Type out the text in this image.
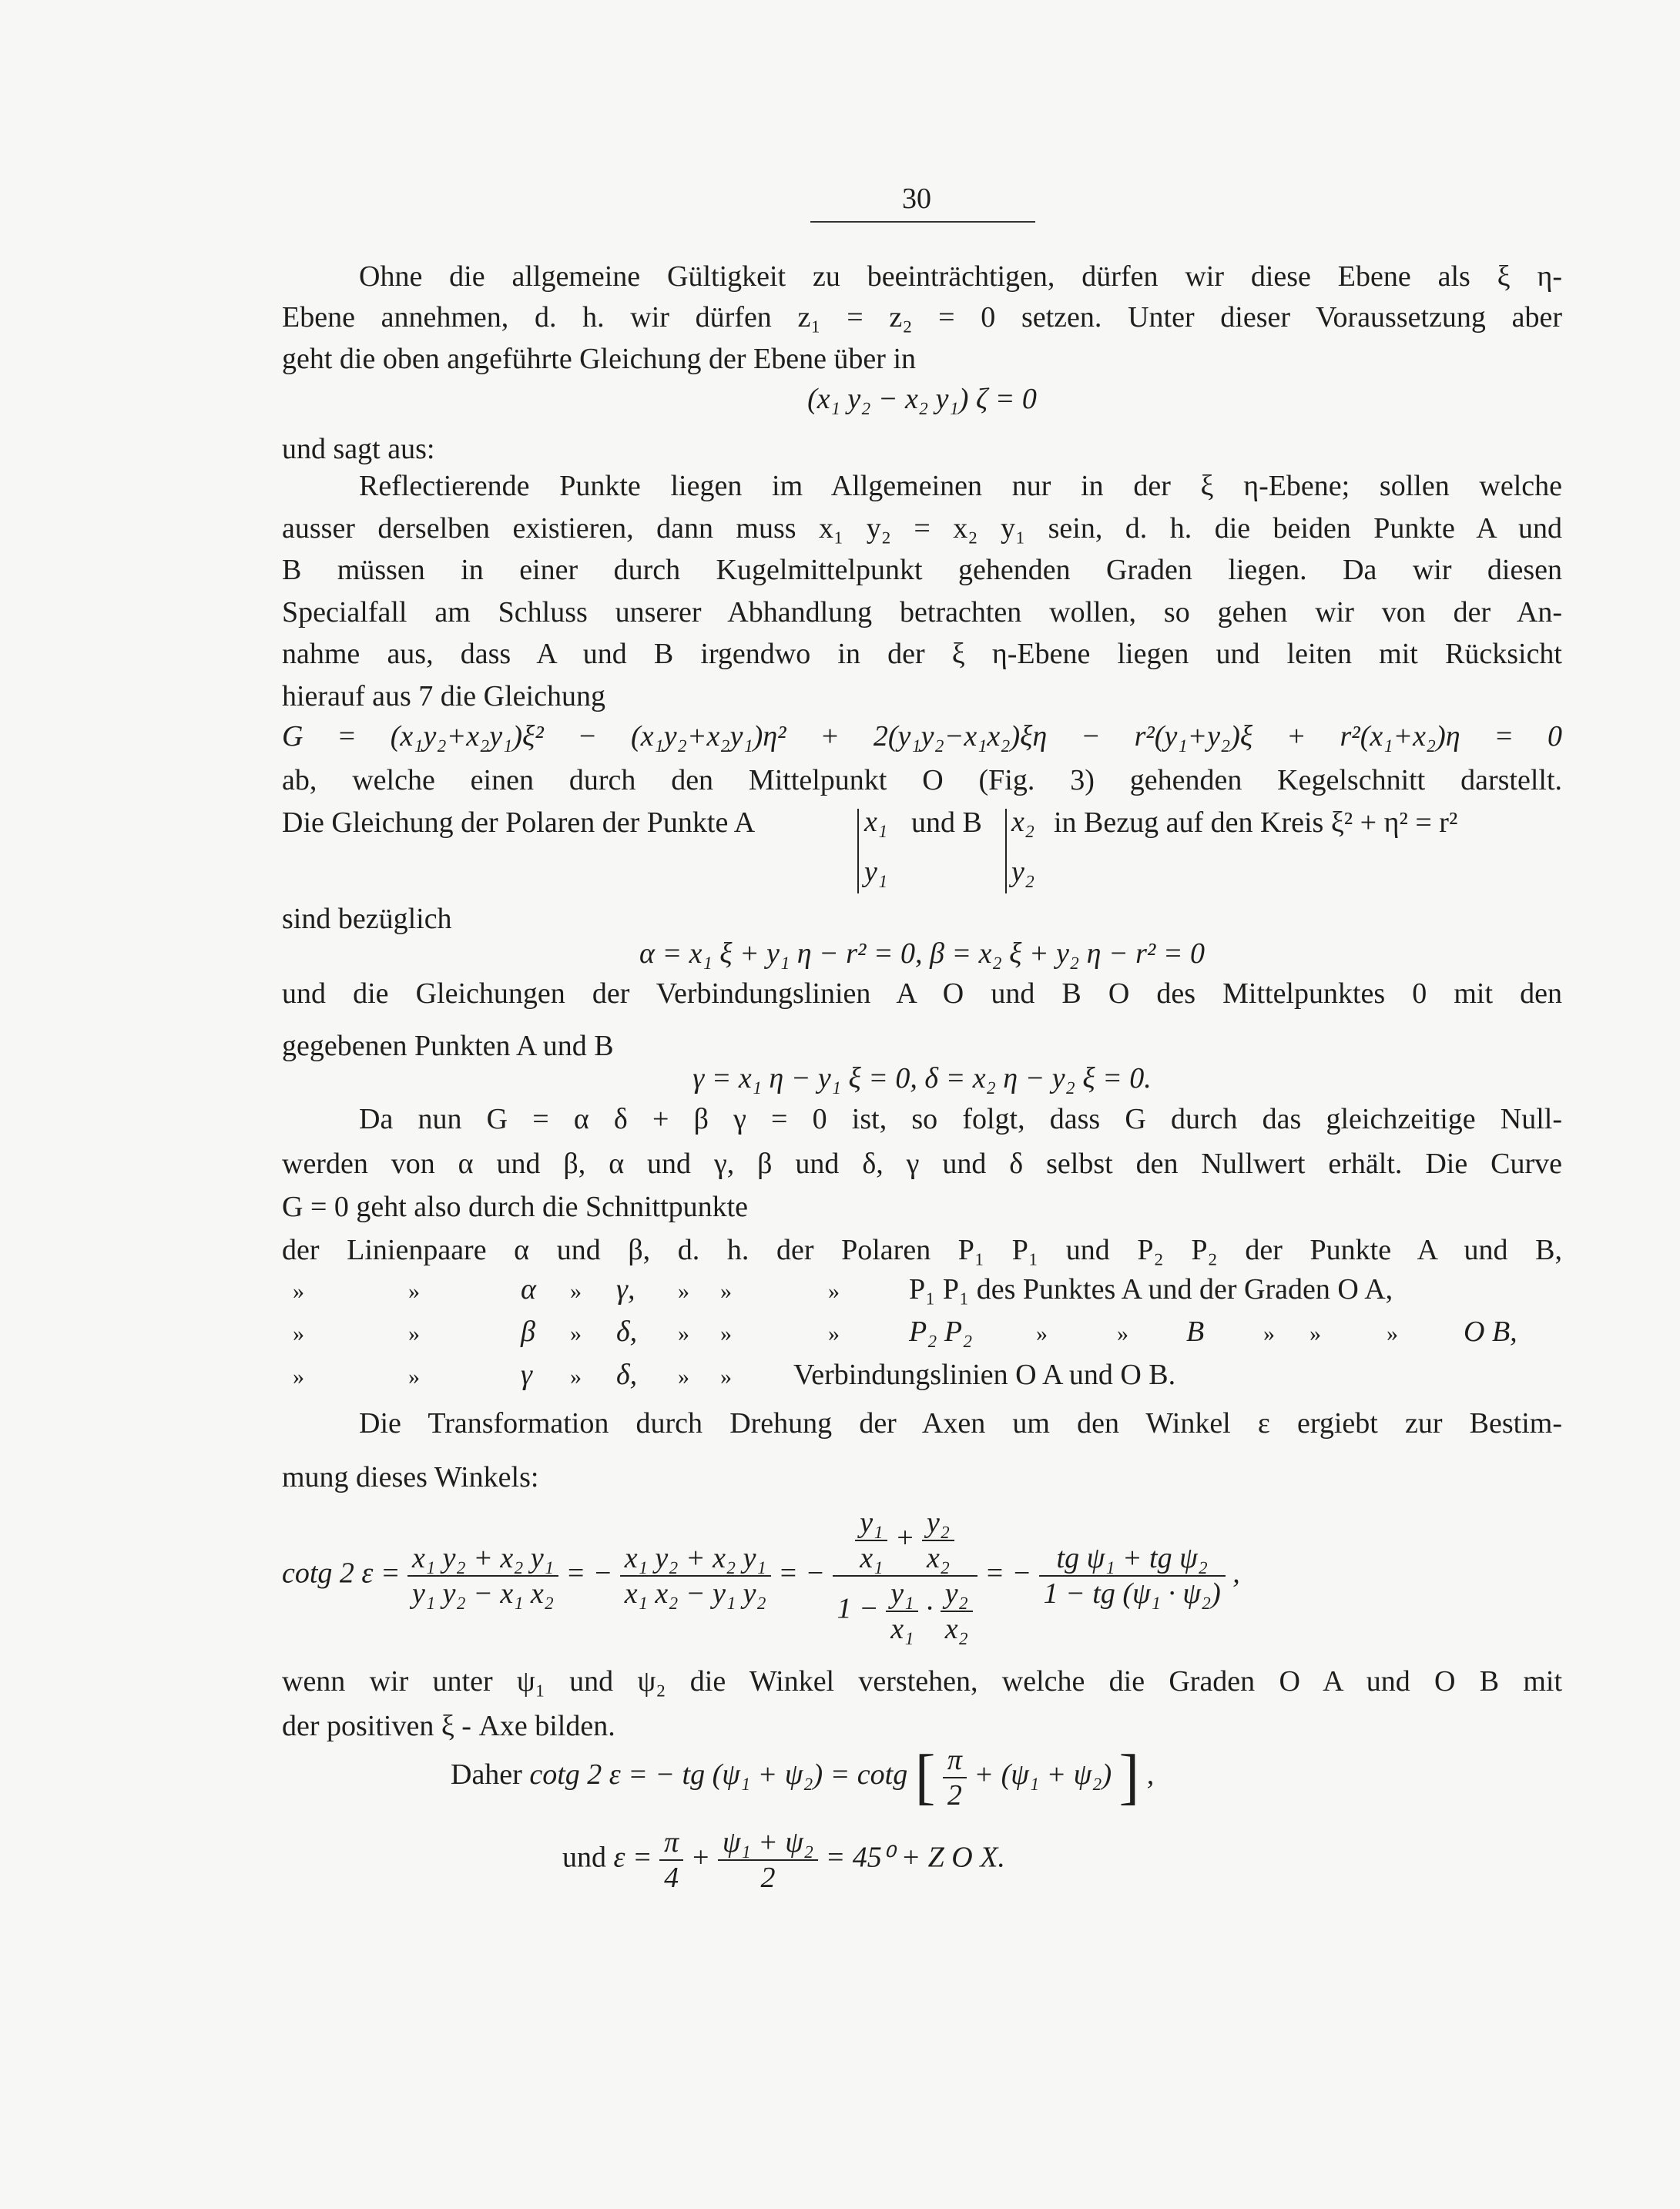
30
Ohne die allgemeine Gültigkeit zu beeinträchtigen, dürfen wir diese Ebene als ξ η-
Ebene annehmen, d. h. wir dürfen z₁ = z₂ = 0 setzen. Unter dieser Voraussetzung aber
geht die oben angeführte Gleichung der Ebene über in
(x₁ y₂ − x₂ y₁) ζ = 0
und sagt aus:
Reflectierende Punkte liegen im Allgemeinen nur in der ξ η-Ebene; sollen welche
ausser derselben existieren, dann muss x₁ y₂ = x₂ y₁ sein, d. h. die beiden Punkte A und
B müssen in einer durch Kugelmittelpunkt gehenden Graden liegen. Da wir diesen
Specialfall am Schluss unserer Abhandlung betrachten wollen, so gehen wir von der An-
nahme aus, dass A und B irgendwo in der ξ η-Ebene liegen und leiten mit Rücksicht
hierauf aus 7 die Gleichung
G = (x₁y₂+x₂y₁)ξ² − (x₁y₂+x₂y₁)η² + 2(y₁y₂−x₁x₂)ξη − r²(y₁+y₂)ξ + r²(x₁+x₂)η = 0
ab, welche einen durch den Mittelpunkt O (Fig. 3) gehenden Kegelschnitt darstellt.
Die Gleichung der Polaren der Punkte A	x₁
y₁
und B x₂
y₂
in Bezug auf den Kreis ξ² + η² = r²
sind bezüglich
α = x₁ ξ + y₁ η − r² = 0, β = x₂ ξ + y₂ η − r² = 0
und die Gleichungen der Verbindungslinien A O und B O des Mittelpunktes 0 mit den
gegebenen Punkten A und B
γ = x₁ η − y₁ ξ = 0, δ = x₂ η − y₂ ξ = 0.
Da nun G = α δ + β γ = 0 ist, so folgt, dass G durch das gleichzeitige Null-
werden von α und β, α und γ, β und δ, γ und δ selbst den Nullwert erhält. Die Curve
G = 0 geht also durch die Schnittpunkte
der Linienpaare α und β, d. h. der Polaren P₁ P₁ und P₂ P₂ der Punkte A und B,
»	»	α » γ, » »	» P₁ P₁ des Punktes A und der Graden O A,
»	»	β » δ, » »	» P₂ P₂	»	» B	» »	» O B,
»	»	γ » δ, » » Verbindungslinien O A und O B.
Die Transformation durch Drehung der Axen um den Winkel ε ergiebt zur Bestim-
mung dieses Winkels:
cotg 2 $\varepsilon = \frac{\text{x₁ y₂ + x₂ y₁}}{\text{y₁ y₂ − x₁ x₂}}$ = − $\frac{\text{x₁ y₂ + x₂ y₁}}{\text{x₁ x₂ − y₁ y₂}}$ = − $\frac{\text{y₁}}{\text{x₁}} + \frac{\text{y₂}}{\text{x₂}}$
$1 - \frac{\text{y₁}}{\text{x₁}} \cdot \frac{\text{y₂}}{\text{x₂}}$
= − $\frac{\text{tg ψ₁ + tg ψ₂}}{\text{1 − tg (ψ₁ · ψ₂)}}$ ,
wenn wir unter ψ₁ und ψ₂ die Winkel verstehen, welche die Graden O A und O B mit
der positiven ξ - Axe bilden.
Daher cotg 2 ε = − tg (ψ₁ + ψ₂) = cotg [ $\frac{\pi}{2} + (\psi_1 + \psi_2)$ ] ,
und $\varepsilon = \frac{\pi}{4} + \frac{\text{ψ₁ + ψ₂}}{2} = 45^0 + Z$ O X.
